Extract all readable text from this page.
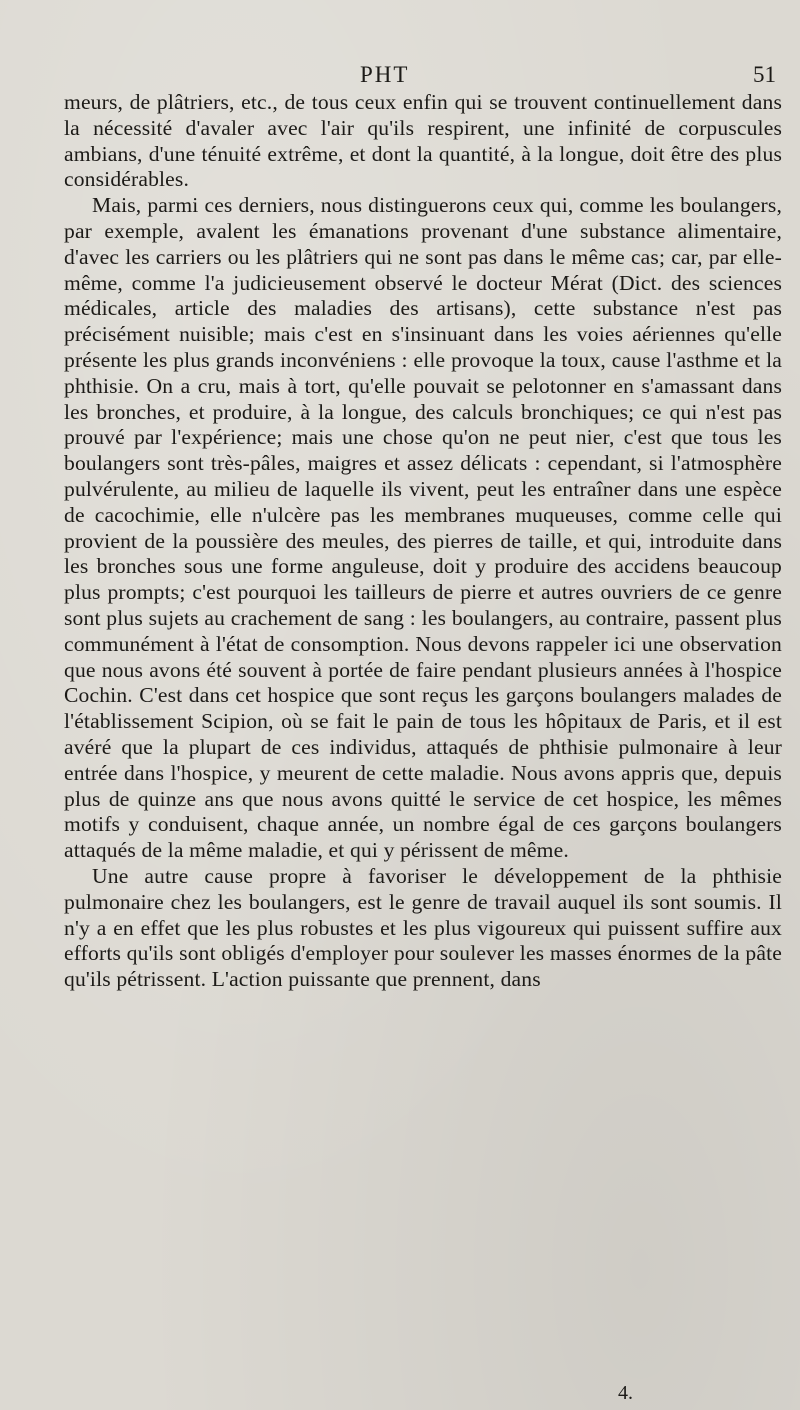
PHT	51

meurs, de plâtriers, etc., de tous ceux enfin qui se trouvent continuellement dans la nécessité d'avaler avec l'air qu'ils respirent, une infinité de corpuscules ambians, d'une ténuité extrême, et dont la quantité, à la longue, doit être des plus considérables.

Mais, parmi ces derniers, nous distinguerons ceux qui, comme les boulangers, par exemple, avalent les émanations provenant d'une substance alimentaire, d'avec les carriers ou les plâtriers qui ne sont pas dans le même cas; car, par elle-même, comme l'a judicieusement observé le docteur Mérat (Dict. des sciences médicales, article des maladies des artisans), cette substance n'est pas précisément nuisible; mais c'est en s'insinuant dans les voies aériennes qu'elle présente les plus grands inconvéniens : elle provoque la toux, cause l'asthme et la phthisie. On a cru, mais à tort, qu'elle pouvait se pelotonner en s'amassant dans les bronches, et produire, à la longue, des calculs bronchiques; ce qui n'est pas prouvé par l'expérience; mais une chose qu'on ne peut nier, c'est que tous les boulangers sont très-pâles, maigres et assez délicats : cependant, si l'atmosphère pulvérulente, au milieu de laquelle ils vivent, peut les entraîner dans une espèce de cacochimie, elle n'ulcère pas les membranes muqueuses, comme celle qui provient de la poussière des meules, des pierres de taille, et qui, introduite dans les bronches sous une forme anguleuse, doit y produire des accidens beaucoup plus prompts; c'est pourquoi les tailleurs de pierre et autres ouvriers de ce genre sont plus sujets au crachement de sang : les boulangers, au contraire, passent plus communément à l'état de consomption. Nous devons rappeler ici une observation que nous avons été souvent à portée de faire pendant plusieurs années à l'hospice Cochin. C'est dans cet hospice que sont reçus les garçons boulangers malades de l'établissement Scipion, où se fait le pain de tous les hôpitaux de Paris, et il est avéré que la plupart de ces individus, attaqués de phthisie pulmonaire à leur entrée dans l'hospice, y meurent de cette maladie. Nous avons appris que, depuis plus de quinze ans que nous avons quitté le service de cet hospice, les mêmes motifs y conduisent, chaque année, un nombre égal de ces garçons boulangers attaqués de la même maladie, et qui y périssent de même.

Une autre cause propre à favoriser le développement de la phthisie pulmonaire chez les boulangers, est le genre de travail auquel ils sont soumis. Il n'y a en effet que les plus robustes et les plus vigoureux qui puissent suffire aux efforts qu'ils sont obligés d'employer pour soulever les masses énormes de la pâte qu'ils pétrissent. L'action puissante que prennent, dans

4.
